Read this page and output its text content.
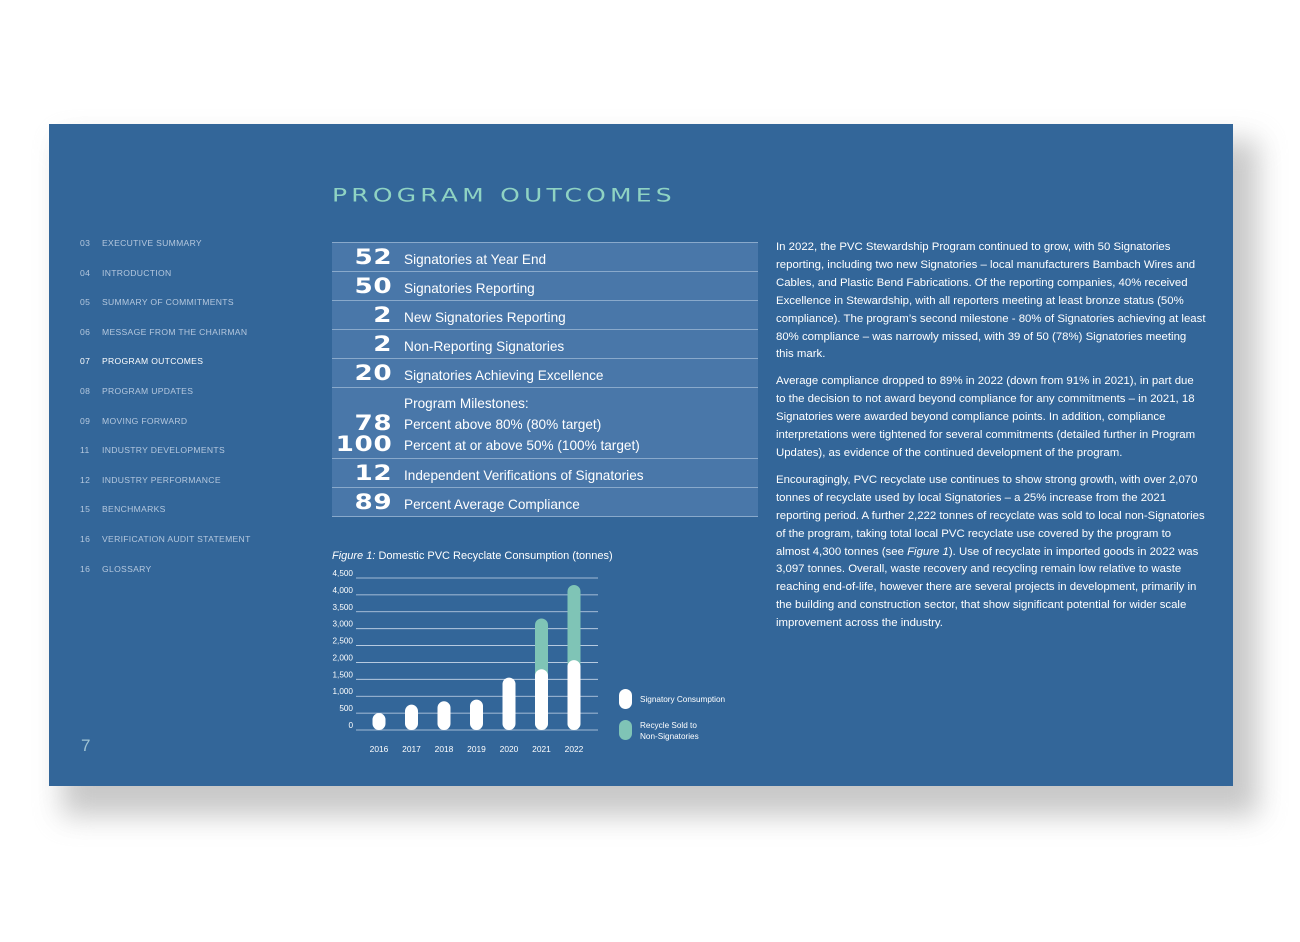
03 EXECUTIVE SUMMARY
04 INTRODUCTION
05 SUMMARY OF COMMITMENTS
06 MESSAGE FROM THE CHAIRMAN
07 PROGRAM OUTCOMES
08 PROGRAM UPDATES
09 MOVING FORWARD
11 INDUSTRY DEVELOPMENTS
12 INDUSTRY PERFORMANCE
15 BENCHMARKS
16 VERIFICATION AUDIT STATEMENT
16 GLOSSARY
7
PROGRAM OUTCOMES
52 Signatories at Year End
50 Signatories Reporting
2 New Signatories Reporting
2 Non-Reporting Signatories
20 Signatories Achieving Excellence
Program Milestones:
78 Percent above 80% (80% target)
100 Percent at or above 50% (100% target)
12 Independent Verifications of Signatories
89 Percent Average Compliance
Figure 1: Domestic PVC Recyclate Consumption (tonnes)
4,500
4,000
3,500
3,000
2,500
2,000
1,500
1,000
500
0
2016 2017 2018 2019 2020 2021 2022
Signatory Consumption
Recycle Sold to
Non-Signatories

In 2022, the PVC Stewardship Program continued to grow, with 50 Signatories reporting, including two new Signatories – local manufacturers Bambach Wires and Cables, and Plastic Bend Fabrications. Of the reporting companies, 40% received Excellence in Stewardship, with all reporters meeting at least bronze status (50% compliance). The program’s second milestone - 80% of Signatories achieving at least 80% compliance – was narrowly missed, with 39 of 50 (78%) Signatories meeting this mark.

Average compliance dropped to 89% in 2022 (down from 91% in 2021), in part due to the decision to not award beyond compliance for any commitments – in 2021, 18 Signatories were awarded beyond compliance points. In addition, compliance interpretations were tightened for several commitments (detailed further in Program Updates), as evidence of the continued development of the program.

Encouragingly, PVC recyclate use continues to show strong growth, with over 2,070 tonnes of recyclate used by local Signatories – a 25% increase from the 2021 reporting period. A further 2,222 tonnes of recyclate was sold to local non-Signatories of the program, taking total local PVC recyclate use covered by the program to almost 4,300 tonnes (see Figure 1). Use of recyclate in imported goods in 2022 was 3,097 tonnes. Overall, waste recovery and recycling remain low relative to waste reaching end-of-life, however there are several projects in development, primarily in the building and construction sector, that show significant potential for wider scale improvement across the industry.
